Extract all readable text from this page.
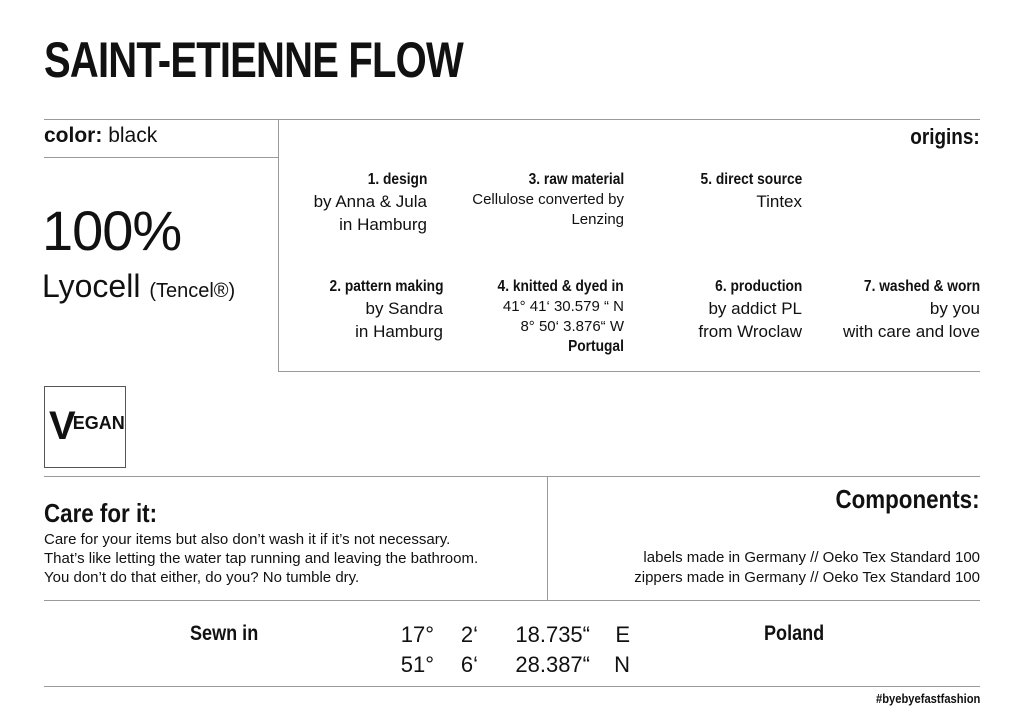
SAINT-ETIENNE FLOW
color: black	origins:
100%
Lyocell (Tencel®)
1. design
by Anna & Jula
in Hamburg
3. raw material
Cellulose converted by
Lenzing
5. direct source
Tintex
2. pattern making
by Sandra
in Hamburg
4. knitted & dyed in
41° 41‘ 30.579 “ N
8° 50‘ 3.876“ W
Portugal
6. production
by addict PL
from Wroclaw
7. washed & worn
by you
with care and love
VEGAN
Care for it:
Care for your items but also don’t wash it if it’s not necessary.
That’s like letting the water tap running and leaving the bathroom.
You don’t do that either, do you? No tumble dry.
Components:
labels made in Germany // Oeko Tex Standard 100
zippers made in Germany // Oeko Tex Standard 100
Sewn in	17°	2‘	18.735“	E
51°	6‘	28.387“	N
Poland
#byebyefastfashion
